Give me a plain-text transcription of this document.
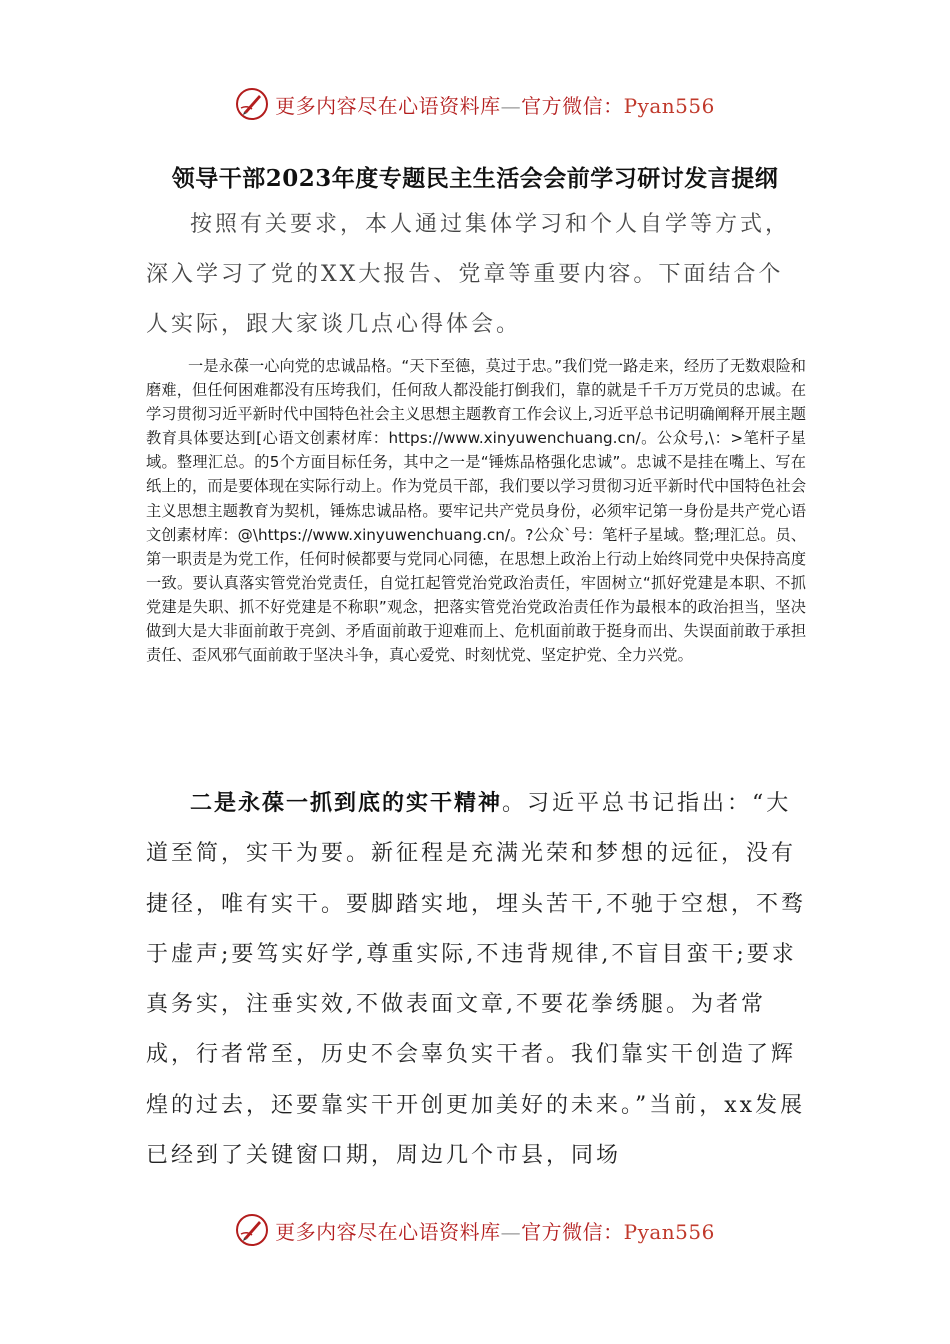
更多内容尽在心语资料库—官方微信：Pyan556
领导干部2023年度专题民主生活会会前学习研讨发言提纲

按照有关要求，本人通过集体学习和个人自学等方式，深入学习了党的XX大报告、党章等重要内容。下面结合个人实际，跟大家谈几点心得体会。

一是永葆一心向党的忠诚品格。“天下至德，莫过于忠。”我们党一路走来，经历了无数艰险和磨难，但任何困难都没有压垮我们，任何敌人都没能打倒我们，靠的就是千千万万党员的忠诚。在学习贯彻习近平新时代中国特色社会主义思想主题教育工作会议上,习近平总书记明确阐释开展主题教育具体要达到[心语文创素材库：https://www.xinyuwenchuang.cn/。公众号,\：>笔杆子星域。整理汇总。的5个方面目标任务，其中之一是“锤炼品格强化忠诚”。忠诚不是挂在嘴上、写在纸上的，而是要体现在实际行动上。作为党员干部，我们要以学习贯彻习近平新时代中国特色社会主义思想主题教育为契机，锤炼忠诚品格。要牢记共产党员身份，必须牢记第一身份是共产党心语文创素材库：@\https://www.xinyuwenchuang.cn/。?公众`号：笔杆子星域。整;理汇总。员、第一职责是为党工作，任何时候都要与党同心同德，在思想上政治上行动上始终同党中央保持高度一致。要认真落实管党治党责任，自觉扛起管党治党政治责任，牢固树立“抓好党建是本职、不抓党建是失职、抓不好党建是不称职”观念，把落实管党治党政治责任作为最根本的政治担当，坚决做到大是大非面前敢于亮剑、矛盾面前敢于迎难而上、危机面前敢于挺身而出、失误面前敢于承担责任、歪风邪气面前敢于坚决斗争，真心爱党、时刻忧党、坚定护党、全力兴党。

二是永葆一抓到底的实干精神。习近平总书记指出：“大道至简，实干为要。新征程是充满光荣和梦想的远征，没有捷径，唯有实干。要脚踏实地，埋头苦干,不驰于空想，不骛于虚声;要笃实好学,尊重实际,不违背规律,不盲目蛮干;要求真务实，注垂实效,不做表面文章,不要花拳绣腿。为者常成，行者常至，历史不会辜负实干者。我们靠实干创造了辉煌的过去，还要靠实干开创更加美好的未来。”当前，xx发展已经到了关键窗口期，周边几个市县，同场

更多内容尽在心语资料库—官方微信：Pyan556
